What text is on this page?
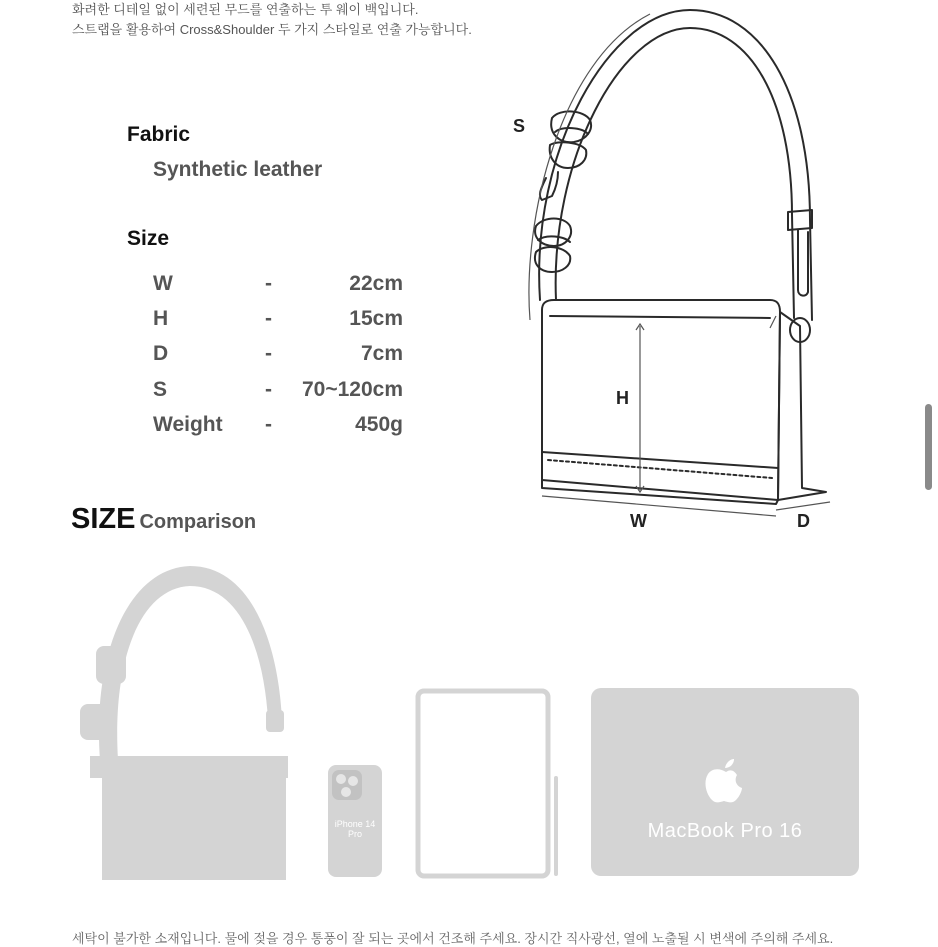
화려한 디테일 없이 세련된 무드를 연출하는 투 웨이 백입니다.
스트랩을 활용하여 Cross&Shoulder 두 가지 스타일로 연출 가능합니다.
Fabric
Synthetic leather
Size
W	-	22cm
H	-	15cm
D	-	7cm
S	- 70~120cm
Weight -	450g
S
H
W	D
SIZE Comparison
iPhone 14 Pro
iPad Pro 11
MacBook Pro 16
세탁이 불가한 소재입니다. 물에 젖을 경우 통풍이 잘 되는 곳에서 건조해 주세요. 장시간 직사광선, 열에 노출될 시 변색에 주의해 주세요.
